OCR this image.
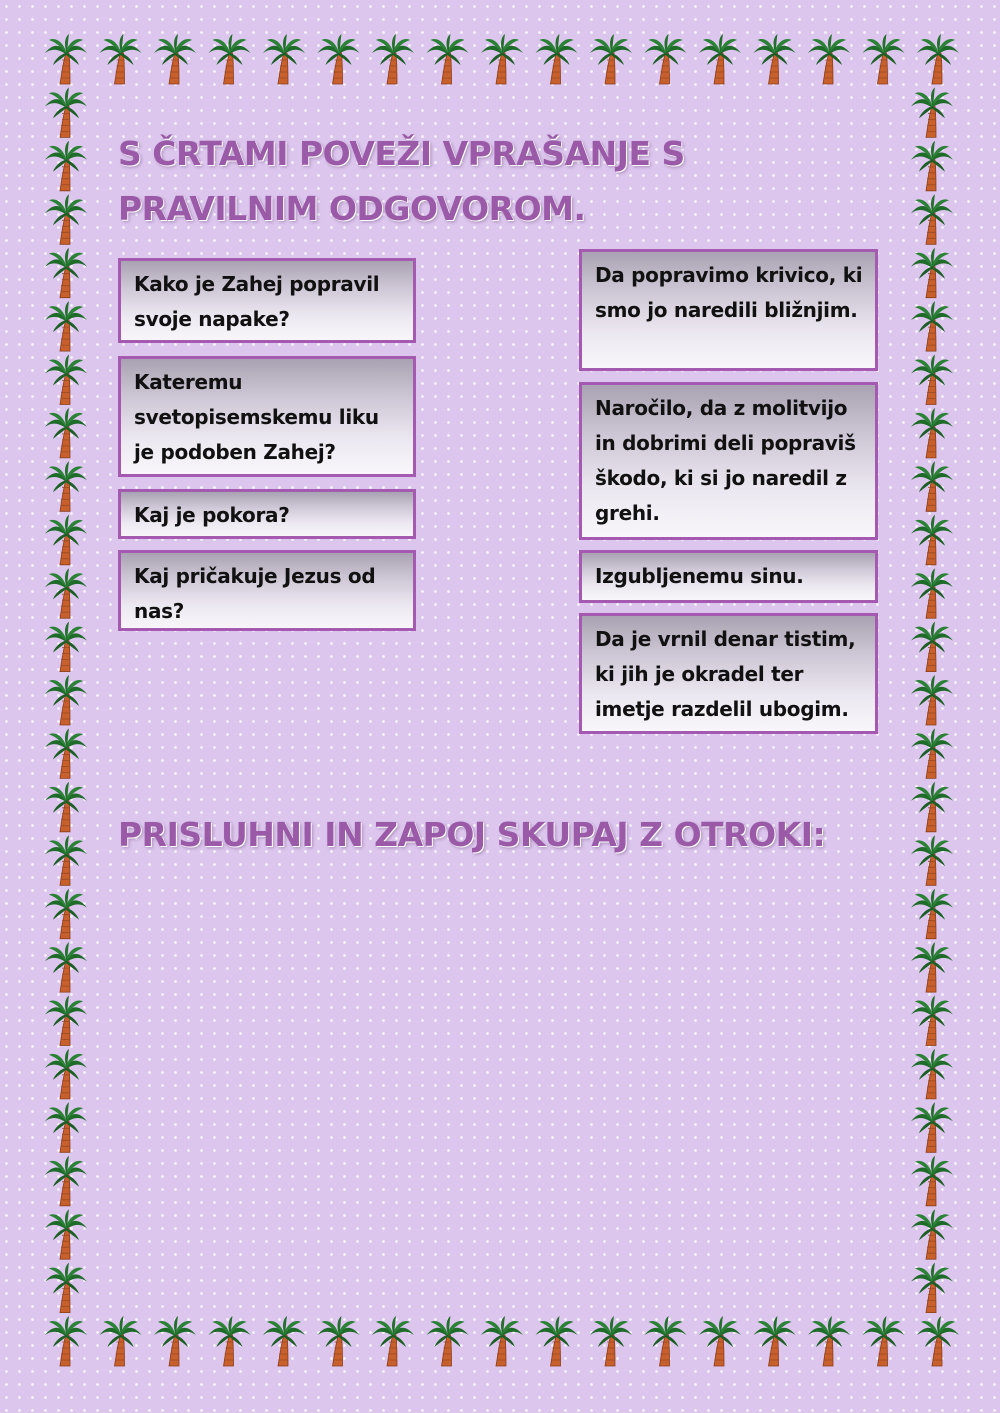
S ČRTAMI POVEŽI VPRAŠANJE S PRAVILNIM ODGOVOROM.
Kako je Zahej popravil svoje napake?
Kateremu svetopisemskemu liku je podoben Zahej?
Kaj je pokora?
Kaj pričakuje Jezus od nas?
Da popravimo krivico, ki smo jo naredili bližnjim.
Naročilo, da z molitvijo in dobrimi deli popraviš škodo, ki si jo naredil z grehi.
Izgubljenemu sinu.
Da je vrnil denar tistim, ki jih je okradel ter imetje razdelil ubogim.
PRISLUHNI IN ZAPOJ SKUPAJ Z OTROKI:
